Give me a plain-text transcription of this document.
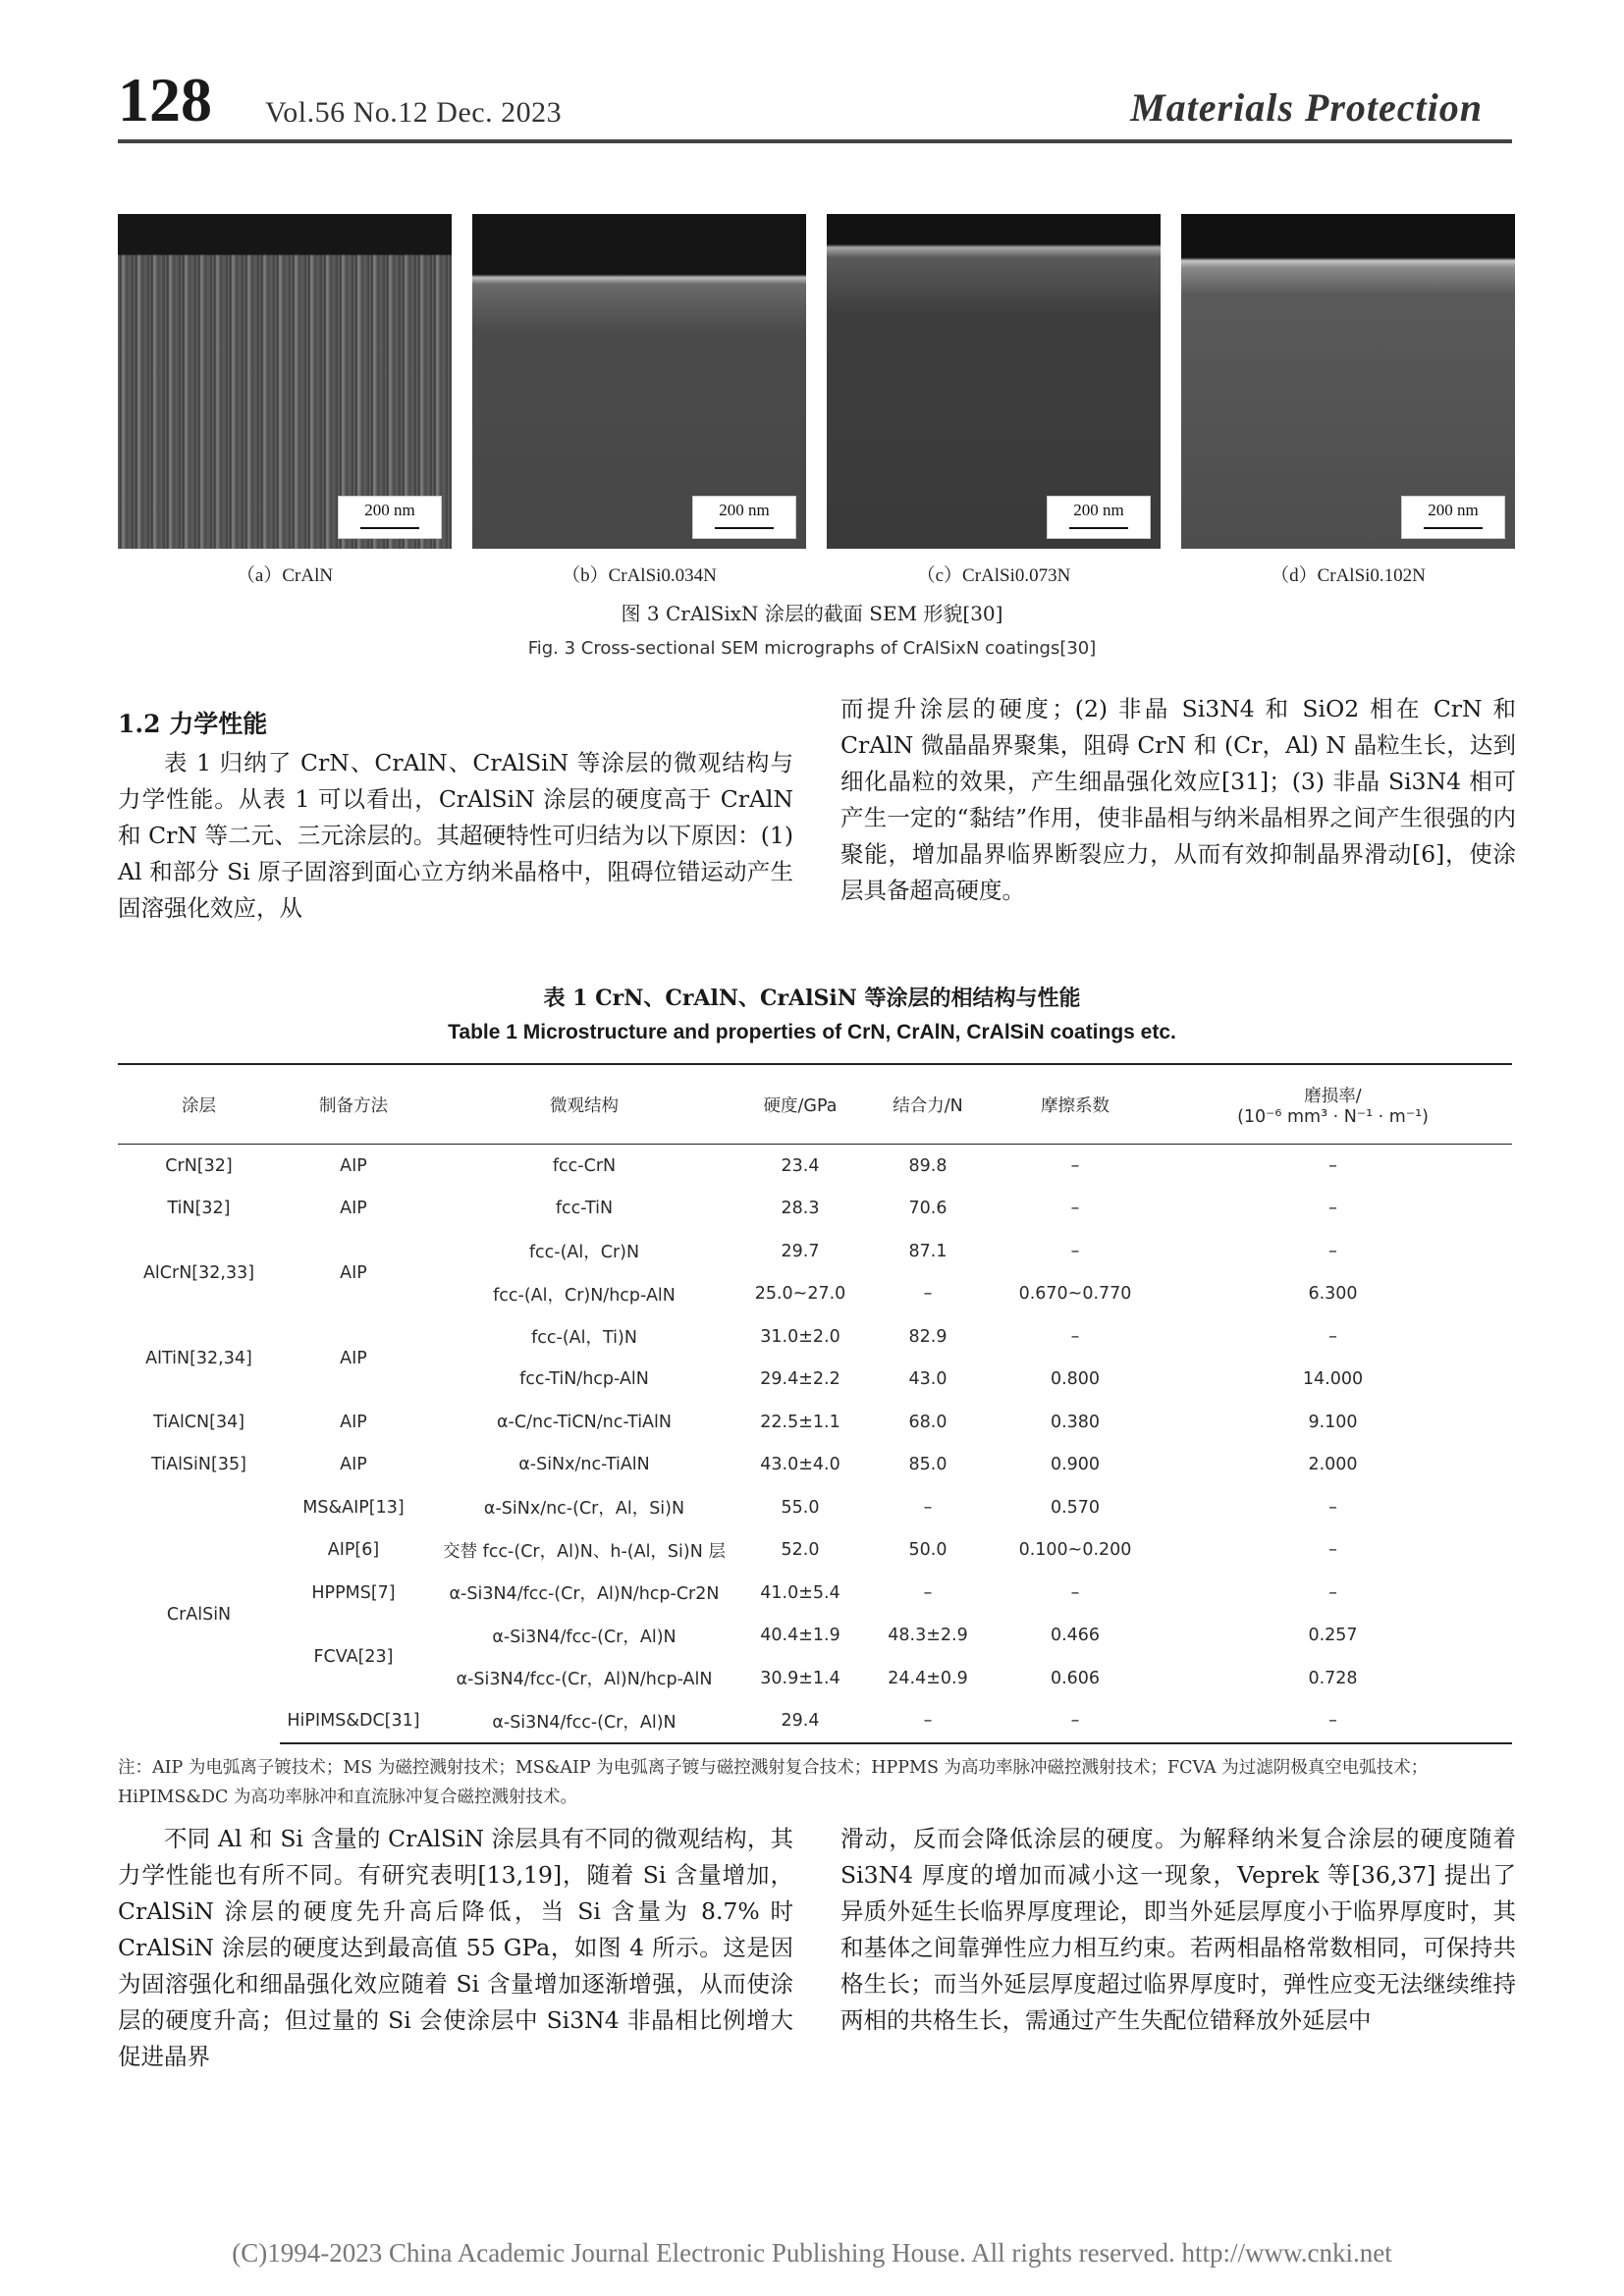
128 Vol.56 No.12 Dec. 2023	Materials Protection
200 nm	200 nm	200 nm	200 nm
（a）CrAlN	（b）CrAlSi0.034N	（c）CrAlSi0.073N	（d）CrAlSi0.102N
图 3 CrAlSixN 涂层的截面 SEM 形貌[30]
Fig. 3 Cross-sectional SEM micrographs of CrAlSixN coatings[30]
1.2 力学性能
表 1 归纳了 CrN、CrAlN、CrAlSiN 等涂层的微观结构与力学性能。从表 1 可以看出，CrAlSiN 涂层的硬度高于 CrAlN 和 CrN 等二元、三元涂层的。其超硬特性可归结为以下原因：(1) Al 和部分 Si 原子固溶到面心立方纳米晶格中，阻碍位错运动产生固溶强化效应，从
而提升涂层的硬度；(2) 非晶 Si3N4 和 SiO2 相在 CrN 和 CrAlN 微晶晶界聚集，阻碍 CrN 和 (Cr，Al) N 晶粒生长，达到细化晶粒的效果，产生细晶强化效应[31]；(3) 非晶 Si3N4 相可产生一定的“黏结”作用，使非晶相与纳米晶相界之间产生很强的内聚能，增加晶界临界断裂应力，从而有效抑制晶界滑动[6]，使涂层具备超高硬度。
表 1 CrN、CrAlN、CrAlSiN 等涂层的相结构与性能
Table 1 Microstructure and properties of CrN, CrAlN, CrAlSiN coatings etc.
涂层	制备方法	微观结构	硬度/GPa	结合力/N	摩擦系数	磨损率/
(10⁻⁶ mm³ · N⁻¹ · m⁻¹)

CrN[32]	AIP	fcc-CrN	23.4	89.8	–	–
TiN[32]	AIP	fcc-TiN	28.3	70.6	–	–
AlCrN[32,33]	AIP	fcc-(Al，Cr)N	29.7	87.1	–	–
		fcc-(Al，Cr)N/hcp-AlN	25.0~27.0	–	0.670~0.770	6.300
AlTiN[32,34]	AIP	fcc-(Al，Ti)N	31.0±2.0	82.9	–	–
		fcc-TiN/hcp-AlN	29.4±2.2	43.0	0.800	14.000
TiAlCN[34]	AIP	α-C/nc-TiCN/nc-TiAlN	22.5±1.1	68.0	0.380	9.100
TiAlSiN[35]	AIP	α-SiNx/nc-TiAlN	43.0±4.0	85.0	0.900	2.000
CrAlSiN	MS&AIP[13]	α-SiNx/nc-(Cr，Al，Si)N	55.0	–	0.570	–
	AIP[6]	交替 fcc-(Cr，Al)N、h-(Al，Si)N 层	52.0	50.0	0.100~0.200	–
	HPPMS[7]	α-Si3N4/fcc-(Cr，Al)N/hcp-Cr2N	41.0±5.4	–	–	–
	FCVA[23]	α-Si3N4/fcc-(Cr，Al)N	40.4±1.9	48.3±2.9	0.466	0.257
		α-Si3N4/fcc-(Cr，Al)N/hcp-AlN	30.9±1.4	24.4±0.9	0.606	0.728
	HiPIMS&DC[31]	α-Si3N4/fcc-(Cr，Al)N	29.4	–	–	–
注：AIP 为电弧离子镀技术；MS 为磁控溅射技术；MS&AIP 为电弧离子镀与磁控溅射复合技术；HPPMS 为高功率脉冲磁控溅射技术；FCVA 为过滤阴极真空电弧技术；HiPIMS&DC 为高功率脉冲和直流脉冲复合磁控溅射技术。
不同 Al 和 Si 含量的 CrAlSiN 涂层具有不同的微观结构，其力学性能也有所不同。有研究表明[13,19]，随着 Si 含量增加，CrAlSiN 涂层的硬度先升高后降低，当 Si 含量为 8.7% 时 CrAlSiN 涂层的硬度达到最高值 55 GPa，如图 4 所示。这是因为固溶强化和细晶强化效应随着 Si 含量增加逐渐增强，从而使涂层的硬度升高；但过量的 Si 会使涂层中 Si3N4 非晶相比例增大促进晶界
滑动，反而会降低涂层的硬度。为解释纳米复合涂层的硬度随着 Si3N4 厚度的增加而减小这一现象，Veprek 等[36,37] 提出了异质外延生长临界厚度理论，即当外延层厚度小于临界厚度时，其和基体之间靠弹性应力相互约束。若两相晶格常数相同，可保持共格生长；而当外延层厚度超过临界厚度时，弹性应变无法继续维持两相的共格生长，需通过产生失配位错释放外延层中
(C)1994-2023 China Academic Journal Electronic Publishing House. All rights reserved. http://www.cnki.net
